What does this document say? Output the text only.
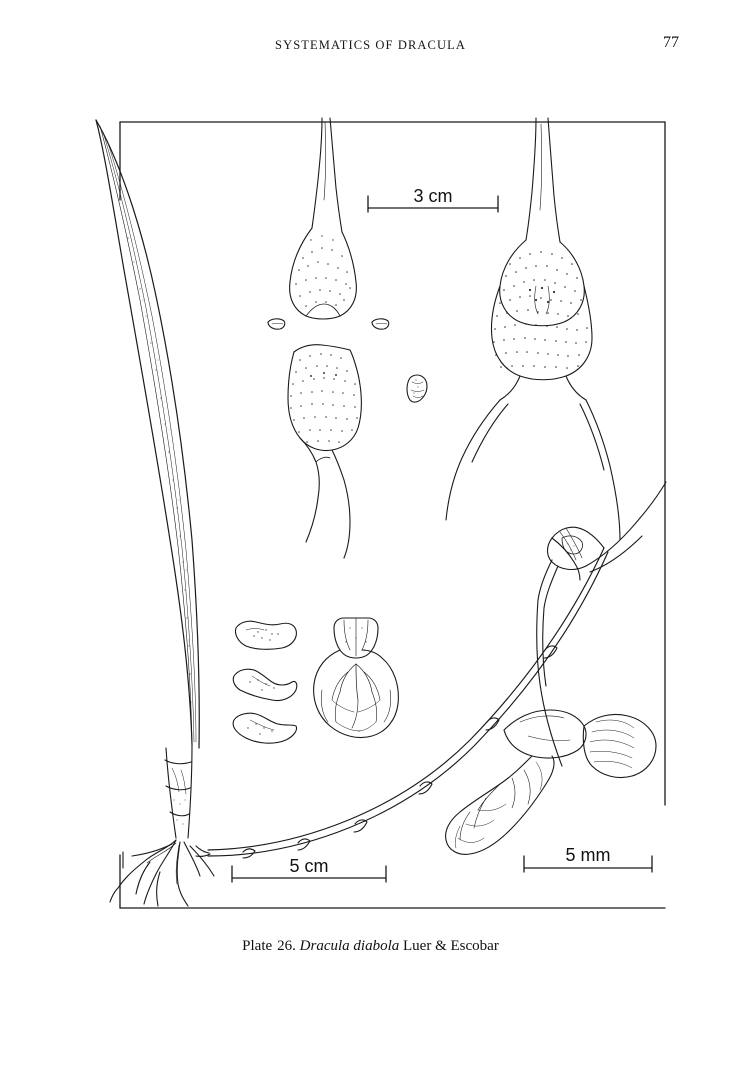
SYSTEMATICS OF DRACULA	77
3 cm
5 cm
5 mm
Plate 26. Dracula diabola Luer & Escobar
